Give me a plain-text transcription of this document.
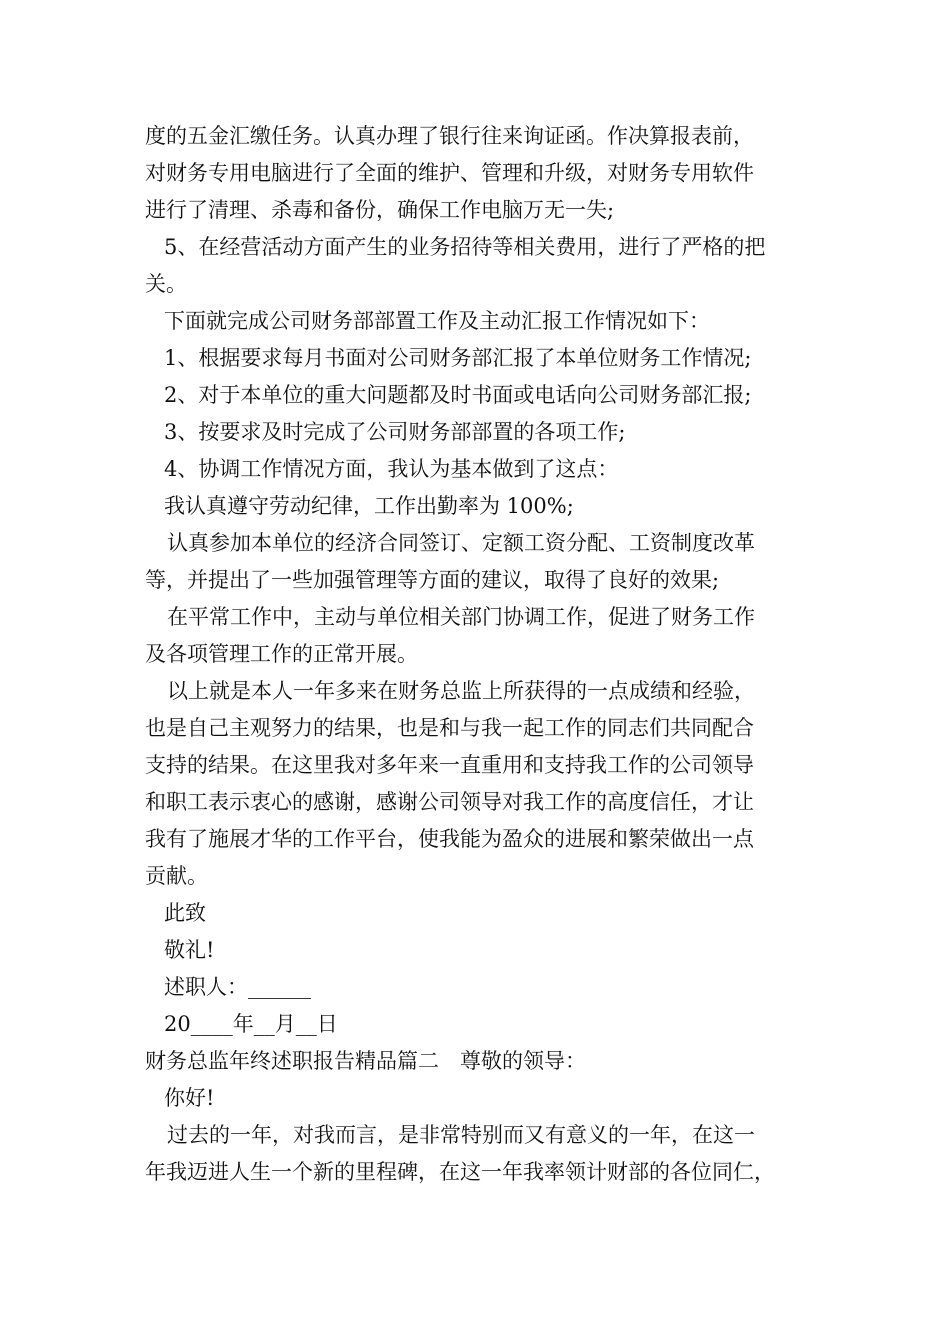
度的五金汇缴任务。认真办理了银行往来询证函。作决算报表前，
对财务专用电脑进行了全面的维护、管理和升级，对财务专用软件
进行了清理、杀毒和备份，确保工作电脑万无一失;
5、在经营活动方面产生的业务招待等相关费用，进行了严格的把
关。
下面就完成公司财务部部置工作及主动汇报工作情况如下：
1、根据要求每月书面对公司财务部汇报了本单位财务工作情况;
2、对于本单位的重大问题都及时书面或电话向公司财务部汇报;
3、按要求及时完成了公司财务部部置的各项工作;
4、协调工作情况方面，我认为基本做到了这点：
我认真遵守劳动纪律，工作出勤率为 100%;
认真参加本单位的经济合同签订、定额工资分配、工资制度改革
等，并提出了一些加强管理等方面的建议，取得了良好的效果;
在平常工作中，主动与单位相关部门协调工作，促进了财务工作
及各项管理工作的正常开展。
以上就是本人一年多来在财务总监上所获得的一点成绩和经验，
也是自己主观努力的结果，也是和与我一起工作的同志们共同配合
支持的结果。在这里我对多年来一直重用和支持我工作的公司领导
和职工表示衷心的感谢，感谢公司领导对我工作的高度信任，才让
我有了施展才华的工作平台，使我能为盈众的进展和繁荣做出一点
贡献。
此致
敬礼!
述职人：______
20____年__月__日
财务总监年终述职报告精品篇二　尊敬的领导：
你好!
过去的一年，对我而言，是非常特别而又有意义的一年，在这一
年我迈进人生一个新的里程碑，在这一年我率领计财部的各位同仁，
